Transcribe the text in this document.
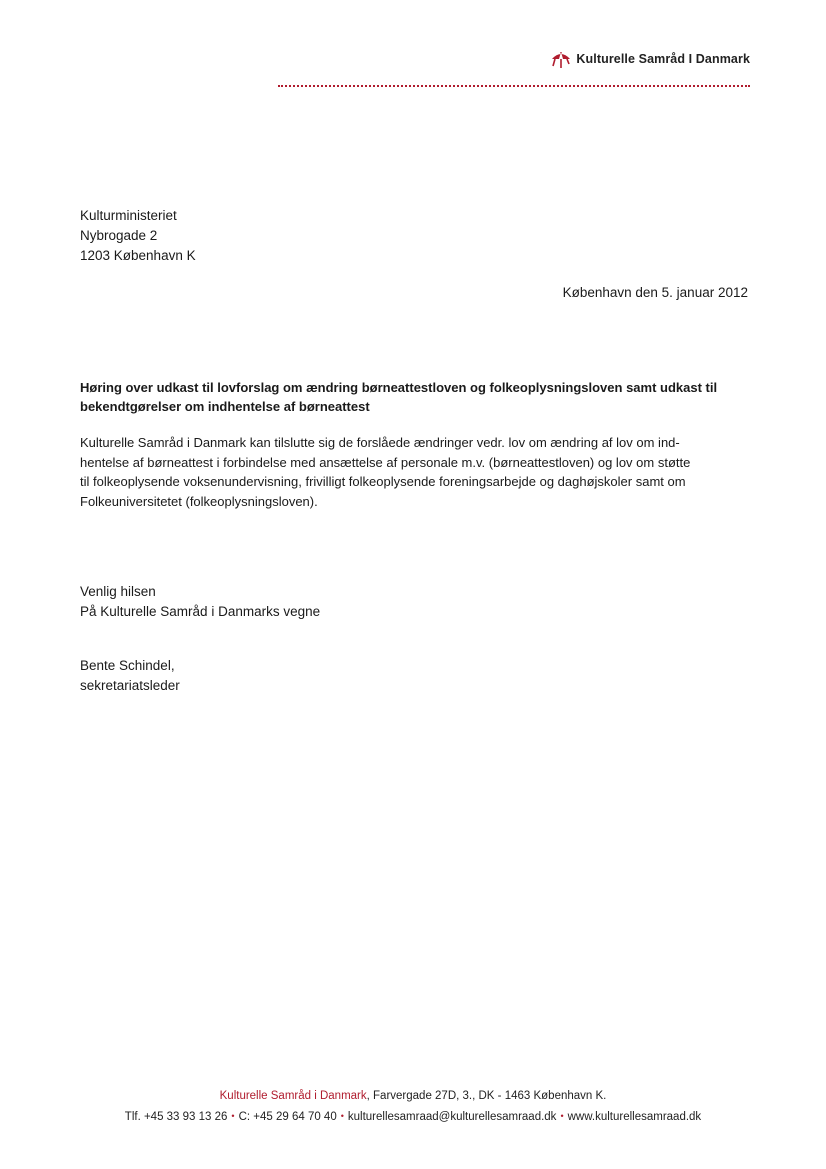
Kulturelle Samråd I Danmark
Kulturministeriet
Nybrogade 2
1203 København K
København den 5. januar 2012
Høring over udkast til lovforslag om ændring børneattestloven og folkeoplysningsloven samt udkast til
bekendtgørelser om indhentelse af børneattest
Kulturelle Samråd i Danmark kan tilslutte sig de forslåede ændringer vedr. lov om ændring af lov om ind-
hentelse af børneattest i forbindelse med ansættelse af personale m.v. (børneattestloven) og lov om støtte
til folkeoplysende voksenundervisning, frivilligt folkeoplysende foreningsarbejde og daghøjskoler samt om
Folkeuniversitetet (folkeoplysningsloven).
Venlig hilsen
På Kulturelle Samråd i Danmarks vegne
Bente Schindel,
sekretariatsleder
Kulturelle Samråd i Danmark, Farvergade 27D, 3., DK - 1463 København K.
Tlf. +45 33 93 13 26 • C: +45 29 64 70 40 • kulturellesamraad@kulturellesamraad.dk • www.kulturellesamraad.dk
